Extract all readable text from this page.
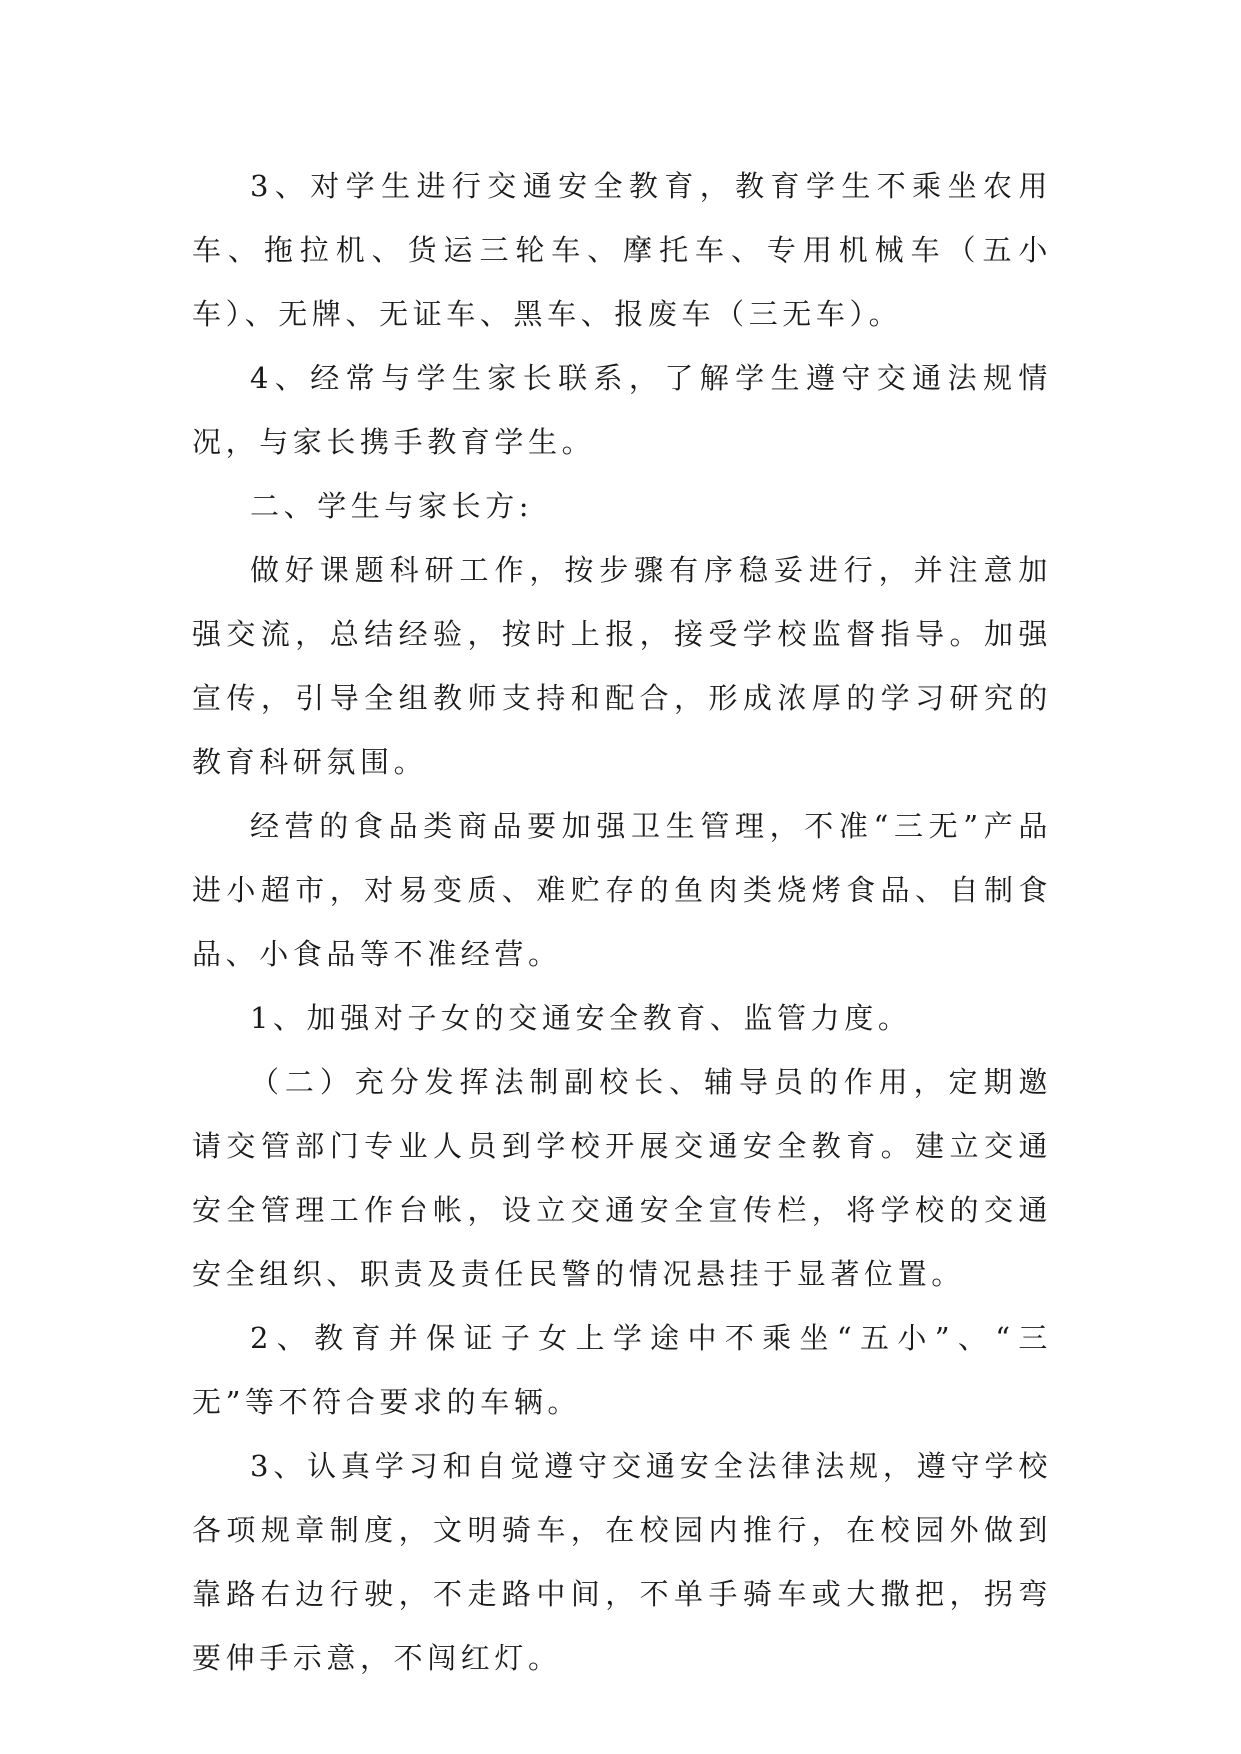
3、对学生进行交通安全教育，教育学生不乘坐农用车、拖拉机、货运三轮车、摩托车、专用机械车（五小车）、无牌、无证车、黑车、报废车（三无车）。

4、经常与学生家长联系，了解学生遵守交通法规情况，与家长携手教育学生。

二、学生与家长方:

做好课题科研工作，按步骤有序稳妥进行，并注意加强交流，总结经验，按时上报，接受学校监督指导。加强宣传，引导全组教师支持和配合，形成浓厚的学习研究的教育科研氛围。

经营的食品类商品要加强卫生管理，不准“三无”产品进小超市，对易变质、难贮存的鱼肉类烧烤食品、自制食品、小食品等不准经营。

1、加强对子女的交通安全教育、监管力度。

（二）充分发挥法制副校长、辅导员的作用，定期邀请交管部门专业人员到学校开展交通安全教育。建立交通安全管理工作台帐，设立交通安全宣传栏，将学校的交通安全组织、职责及责任民警的情况悬挂于显著位置。

2、教育并保证子女上学途中不乘坐“五小”、“三无”等不符合要求的车辆。

3、认真学习和自觉遵守交通安全法律法规，遵守学校各项规章制度，文明骑车，在校园内推行，在校园外做到靠路右边行驶，不走路中间，不单手骑车或大撒把，拐弯要伸手示意，不闯红灯。
